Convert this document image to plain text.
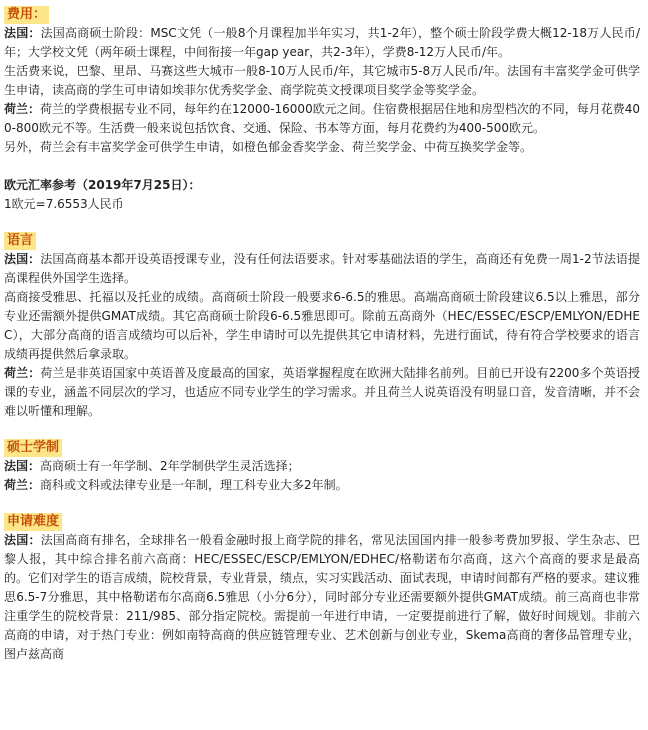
费用：

法国：法国高商硕士阶段：MSC文凭（一般8个月课程加半年实习，共1-2年），整个硕士阶段学费大概12-18万人民币/年；大学校文凭（两年硕士课程，中间衔接一年gap year，共2-3年），学费8-12万人民币/年。

生活费来说，巴黎、里昂、马赛这些大城市一般8-10万人民币/年，其它城市5-8万人民币/年。法国有丰富奖学金可供学生申请，读高商的学生可申请如埃菲尔优秀奖学金、商学院英文授课项目奖学金等奖学金。

荷兰：荷兰的学费根据专业不同，每年约在12000-16000欧元之间。住宿费根据居住地和房型档次的不同，每月花费400-800欧元不等。生活费一般来说包括饮食、交通、保险、书本等方面，每月花费约为400-500欧元。

另外，荷兰会有丰富奖学金可供学生申请，如橙色郁金香奖学金、荷兰奖学金、中荷互换奖学金等。

欧元汇率参考（2019年7月25日）：

1欧元=7.6553人民币

语言

法国：法国高商基本都开设英语授课专业，没有任何法语要求。针对零基础法语的学生，高商还有免费一周1-2节法语提高课程供外国学生选择。

高商接受雅思、托福以及托业的成绩。高商硕士阶段一般要求6-6.5的雅思。高端高商硕士阶段建议6.5以上雅思，部分专业还需额外提供GMAT成绩。其它高商硕士阶段6-6.5雅思即可。除前五高商外（HEC/ESSEC/ESCP/EMLYON/EDHEC），大部分高商的语言成绩均可以后补，学生申请时可以先提供其它申请材料，先进行面试，待有符合学校要求的语言成绩再提供然后拿录取。

荷兰：荷兰是非英语国家中英语普及度最高的国家，英语掌握程度在欧洲大陆排名前列。目前已开设有2200多个英语授课的专业，涵盖不同层次的学习，也适应不同专业学生的学习需求。并且荷兰人说英语没有明显口音，发音清晰，并不会难以听懂和理解。

硕士学制

法国：高商硕士有一年学制、2年学制供学生灵活选择；

荷兰：商科或文科或法律专业是一年制，理工科专业大多2年制。

申请难度

法国：法国高商有排名，全球排名一般看金融时报上商学院的排名，常见法国国内排一般参考费加罗报、学生杂志、巴黎人报，其中综合排名前六高商：HEC/ESSEC/ESCP/EMLYON/EDHEC/格勒诺布尔高商，这六个高商的要求是最高的。它们对学生的语言成绩，院校背景，专业背景，绩点，实习实践活动、面试表现，申请时间都有严格的要求。建议雅思6.5-7分雅思，其中格勒诺布尔高商6.5雅思（小分6分），同时部分专业还需要额外提供GMAT成绩。前三高商也非常注重学生的院校背景：211/985、部分指定院校。需提前一年进行申请，一定要提前进行了解，做好时间规划。非前六高商的申请，对于热门专业：例如南特高商的供应链管理专业、艺术创新与创业专业，Skema高商的奢侈品管理专业，图卢兹高商
